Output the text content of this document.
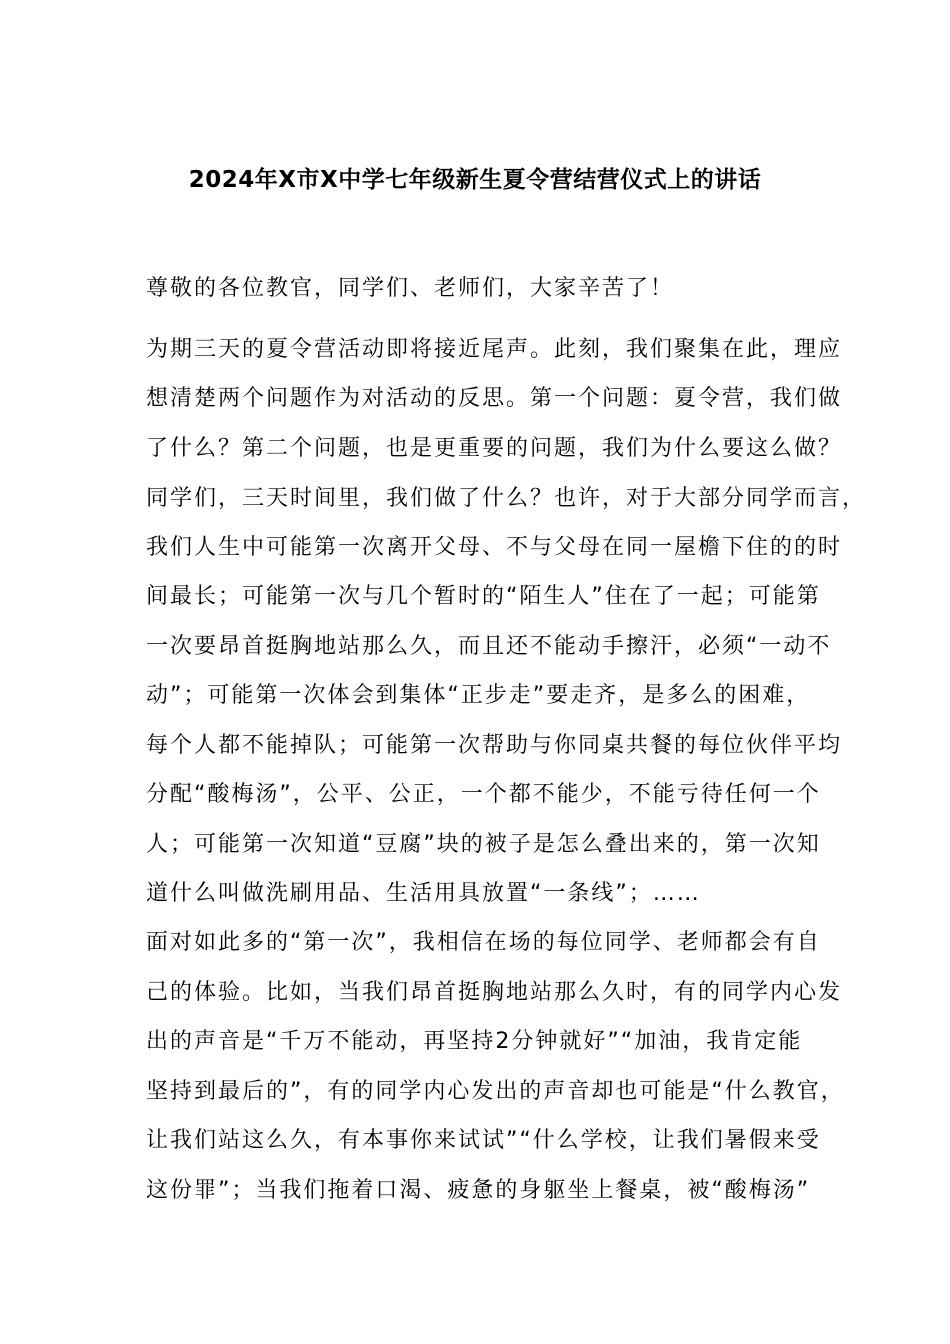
2024年X市X中学七年级新生夏令营结营仪式上的讲话
尊敬的各位教官，同学们、老师们，大家辛苦了！
为期三天的夏令营活动即将接近尾声。此刻，我们聚集在此，理应
想清楚两个问题作为对活动的反思。第一个问题：夏令营，我们做
了什么？第二个问题，也是更重要的问题，我们为什么要这么做？
同学们，三天时间里，我们做了什么？也许，对于大部分同学而言，
我们人生中可能第一次离开父母、不与父母在同一屋檐下住的的时
间最长；可能第一次与几个暂时的“陌生人”住在了一起；可能第
一次要昂首挺胸地站那么久，而且还不能动手擦汗，必须“一动不
动”；可能第一次体会到集体“正步走”要走齐，是多么的困难，
每个人都不能掉队；可能第一次帮助与你同桌共餐的每位伙伴平均
分配“酸梅汤”，公平、公正，一个都不能少，不能亏待任何一个
人；可能第一次知道“豆腐”块的被子是怎么叠出来的，第一次知
道什么叫做洗刷用品、生活用具放置“一条线”；……
面对如此多的“第一次”，我相信在场的每位同学、老师都会有自
己的体验。比如，当我们昂首挺胸地站那么久时，有的同学内心发
出的声音是“千万不能动，再坚持2分钟就好”“加油，我肯定能
坚持到最后的”，有的同学内心发出的声音却也可能是“什么教官，
让我们站这么久，有本事你来试试”“什么学校，让我们暑假来受
这份罪”；当我们拖着口渴、疲惫的身躯坐上餐桌，被“酸梅汤”
